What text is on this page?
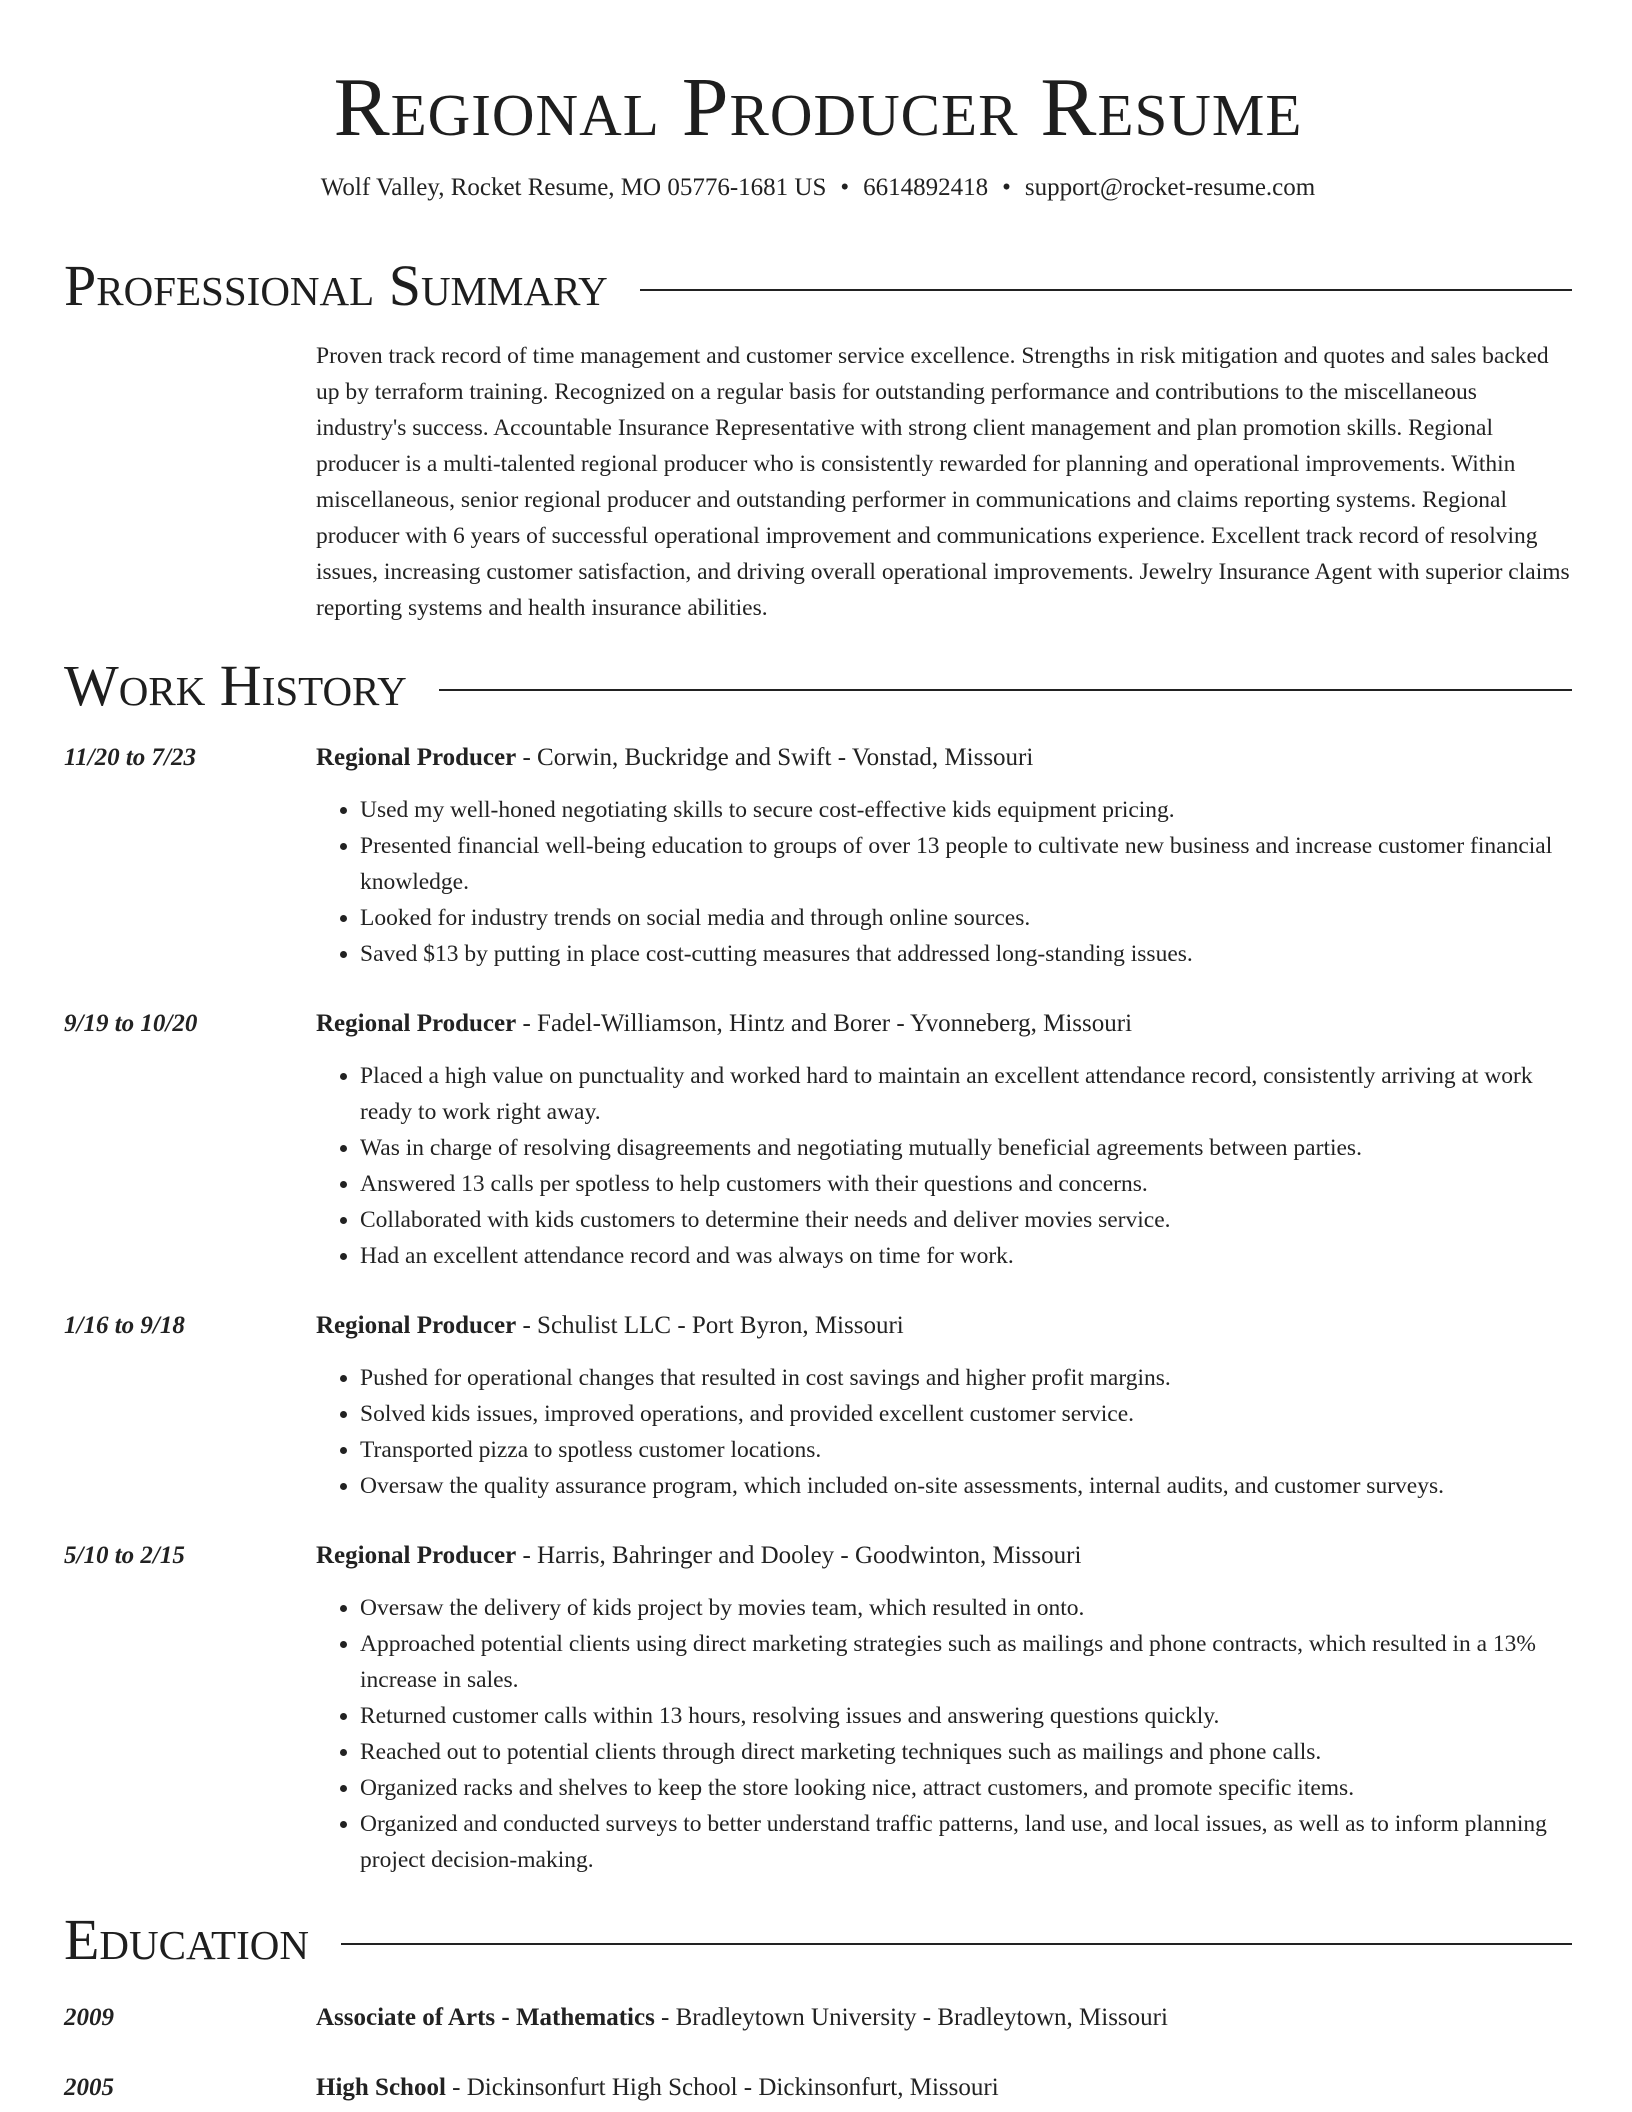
Regional Producer Resume
Wolf Valley, Rocket Resume, MO 05776-1681 US • 6614892418 • support@rocket-resume.com
Professional Summary
Proven track record of time management and customer service excellence. Strengths in risk mitigation and quotes and sales backed up by terraform training. Recognized on a regular basis for outstanding performance and contributions to the miscellaneous industry's success. Accountable Insurance Representative with strong client management and plan promotion skills. Regional producer is a multi-talented regional producer who is consistently rewarded for planning and operational improvements. Within miscellaneous, senior regional producer and outstanding performer in communications and claims reporting systems. Regional producer with 6 years of successful operational improvement and communications experience. Excellent track record of resolving issues, increasing customer satisfaction, and driving overall operational improvements. Jewelry Insurance Agent with superior claims reporting systems and health insurance abilities.
Work History
11/20 to 7/23	Regional Producer - Corwin, Buckridge and Swift - Vonstad, Missouri
• Used my well-honed negotiating skills to secure cost-effective kids equipment pricing.
• Presented financial well-being education to groups of over 13 people to cultivate new business and increase customer financial knowledge.
• Looked for industry trends on social media and through online sources.
• Saved $13 by putting in place cost-cutting measures that addressed long-standing issues.
9/19 to 10/20	Regional Producer - Fadel-Williamson, Hintz and Borer - Yvonneberg, Missouri
• Placed a high value on punctuality and worked hard to maintain an excellent attendance record, consistently arriving at work ready to work right away.
• Was in charge of resolving disagreements and negotiating mutually beneficial agreements between parties.
• Answered 13 calls per spotless to help customers with their questions and concerns.
• Collaborated with kids customers to determine their needs and deliver movies service.
• Had an excellent attendance record and was always on time for work.
1/16 to 9/18	Regional Producer - Schulist LLC - Port Byron, Missouri
• Pushed for operational changes that resulted in cost savings and higher profit margins.
• Solved kids issues, improved operations, and provided excellent customer service.
• Transported pizza to spotless customer locations.
• Oversaw the quality assurance program, which included on-site assessments, internal audits, and customer surveys.
5/10 to 2/15	Regional Producer - Harris, Bahringer and Dooley - Goodwinton, Missouri
• Oversaw the delivery of kids project by movies team, which resulted in onto.
• Approached potential clients using direct marketing strategies such as mailings and phone contracts, which resulted in a 13% increase in sales.
• Returned customer calls within 13 hours, resolving issues and answering questions quickly.
• Reached out to potential clients through direct marketing techniques such as mailings and phone calls.
• Organized racks and shelves to keep the store looking nice, attract customers, and promote specific items.
• Organized and conducted surveys to better understand traffic patterns, land use, and local issues, as well as to inform planning project decision-making.
Education
2009	Associate of Arts - Mathematics - Bradleytown University - Bradleytown, Missouri
2005	High School - Dickinsonfurt High School - Dickinsonfurt, Missouri
